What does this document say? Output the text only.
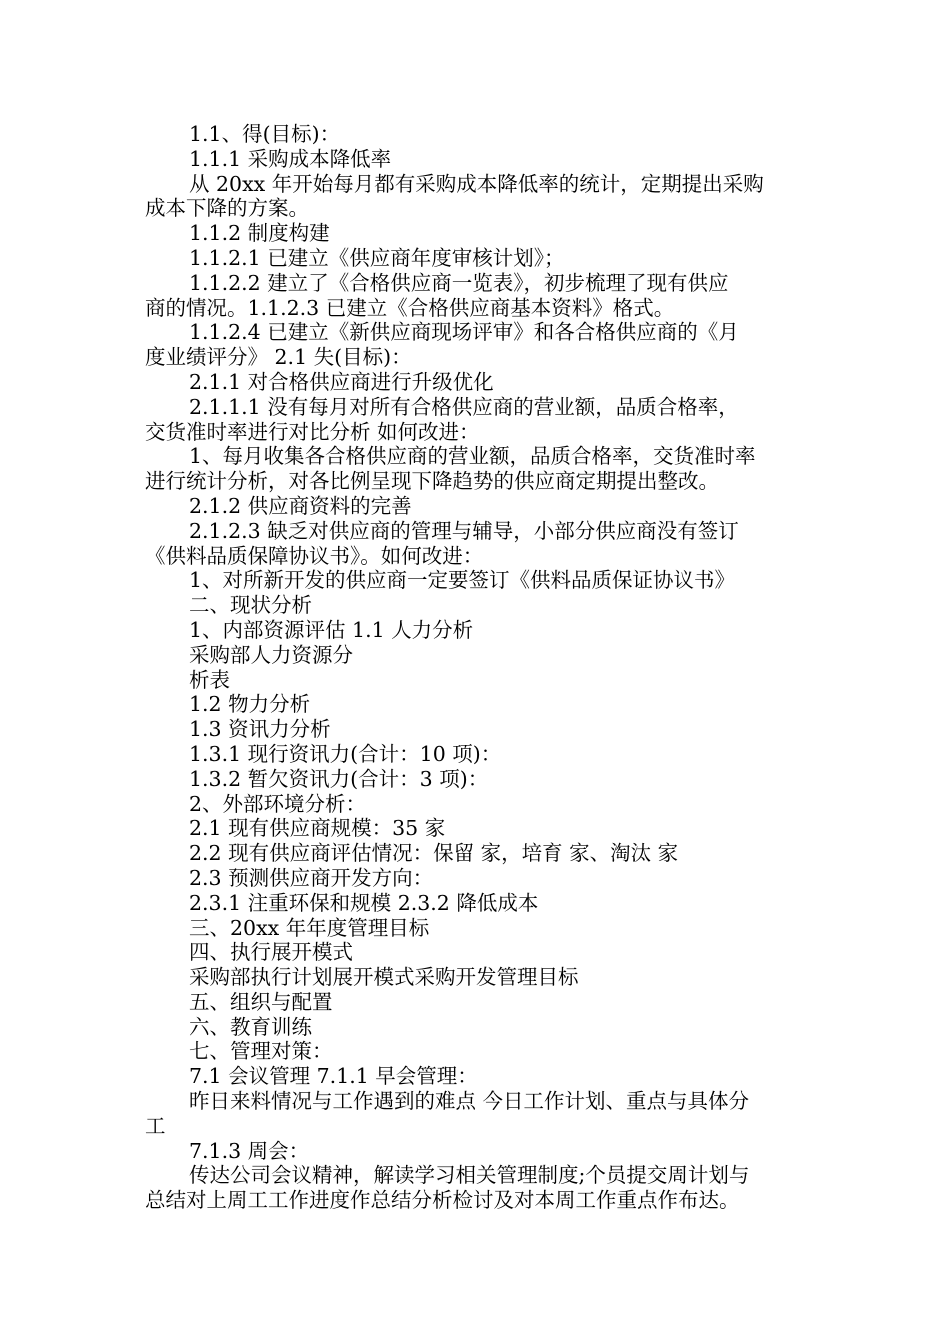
1.1、得(目标)：
1.1.1 采购成本降低率
从 20xx 年开始每月都有采购成本降低率的统计，定期提出采购
成本下降的方案。
1.1.2 制度构建
1.1.2.1 已建立《供应商年度审核计划》；
1.1.2.2 建立了《合格供应商一览表》，初步梳理了现有供应
商的情况。1.1.2.3 已建立《合格供应商基本资料》格式。
1.1.2.4 已建立《新供应商现场评审》和各合格供应商的《月
度业绩评分》 2.1 失(目标)：
2.1.1 对合格供应商进行升级优化
2.1.1.1 没有每月对所有合格供应商的营业额，品质合格率，
交货准时率进行对比分析 如何改进：
1、每月收集各合格供应商的营业额，品质合格率，交货准时率
进行统计分析，对各比例呈现下降趋势的供应商定期提出整改。
2.1.2 供应商资料的完善
2.1.2.3 缺乏对供应商的管理与辅导，小部分供应商没有签订
《供料品质保障协议书》。如何改进：
1、对所新开发的供应商一定要签订《供料品质保证协议书》
二、现状分析
1、内部资源评估 1.1 人力分析
采购部人力资源分
析表
1.2 物力分析
1.3 资讯力分析
1.3.1 现行资讯力(合计：10 项)：
1.3.2 暂欠资讯力(合计：3 项)：
2、外部环境分析：
2.1 现有供应商规模：35 家
2.2 现有供应商评估情况：保留 家，培育 家、淘汰 家
2.3 预测供应商开发方向：
2.3.1 注重环保和规模 2.3.2 降低成本
三、20xx 年年度管理目标
四、执行展开模式
采购部执行计划展开模式采购开发管理目标
五、组织与配置
六、教育训练
七、管理对策：
7.1 会议管理 7.1.1 早会管理：
昨日来料情况与工作遇到的难点 今日工作计划、重点与具体分
工
7.1.3 周会：
传达公司会议精神，解读学习相关管理制度;个员提交周计划与
总结对上周工工作进度作总结分析检讨及对本周工作重点作布达。
